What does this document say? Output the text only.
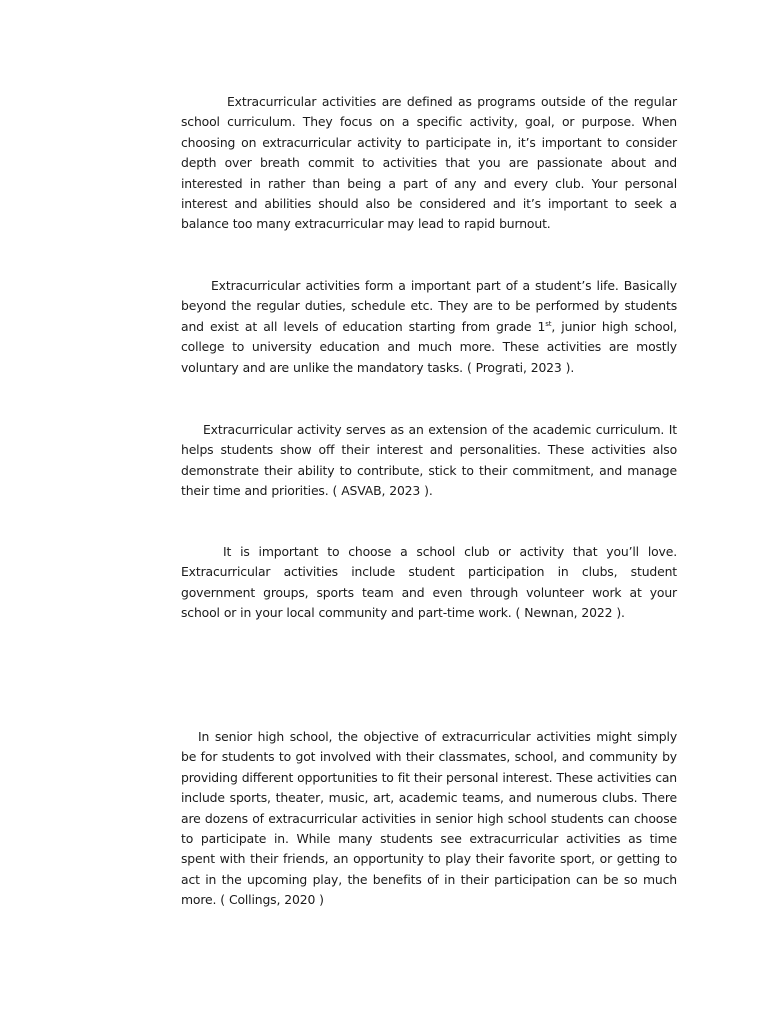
Extracurricular activities are defined as programs outside of the regular school curriculum. They focus on a specific activity, goal, or purpose. When choosing on extracurricular activity to participate in, it’s important to consider depth over breath commit to activities that you are passionate about and interested in rather than being a part of any and every club. Your personal interest and abilities should also be considered and it’s important to seek a balance too many extracurricular may lead to rapid burnout.

Extracurricular activities form a important part of a student’s life. Basically beyond the regular duties, schedule etc. They are to be performed by students and exist at all levels of education starting from grade 1st, junior high school, college to university education and much more. These activities are mostly voluntary and are unlike the mandatory tasks. ( Prograti, 2023 ).

Extracurricular activity serves as an extension of the academic curriculum. It helps students show off their interest and personalities. These activities also demonstrate their ability to contribute, stick to their commitment, and manage their time and priorities. ( ASVAB, 2023 ).

It is important to choose a school club or activity that you’ll love. Extracurricular activities include student participation in clubs, student government groups, sports team and even through volunteer work at your school or in your local community and part-time work. ( Newnan, 2022 ).

In senior high school, the objective of extracurricular activities might simply be for students to got involved with their classmates, school, and community by providing different opportunities to fit their personal interest. These activities can include sports, theater, music, art, academic teams, and numerous clubs. There are dozens of extracurricular activities in senior high school students can choose to participate in. While many students see extracurricular activities as time spent with their friends, an opportunity to play their favorite sport, or getting to act in the upcoming play, the benefits of in their participation can be so much more. ( Collings, 2020 )
